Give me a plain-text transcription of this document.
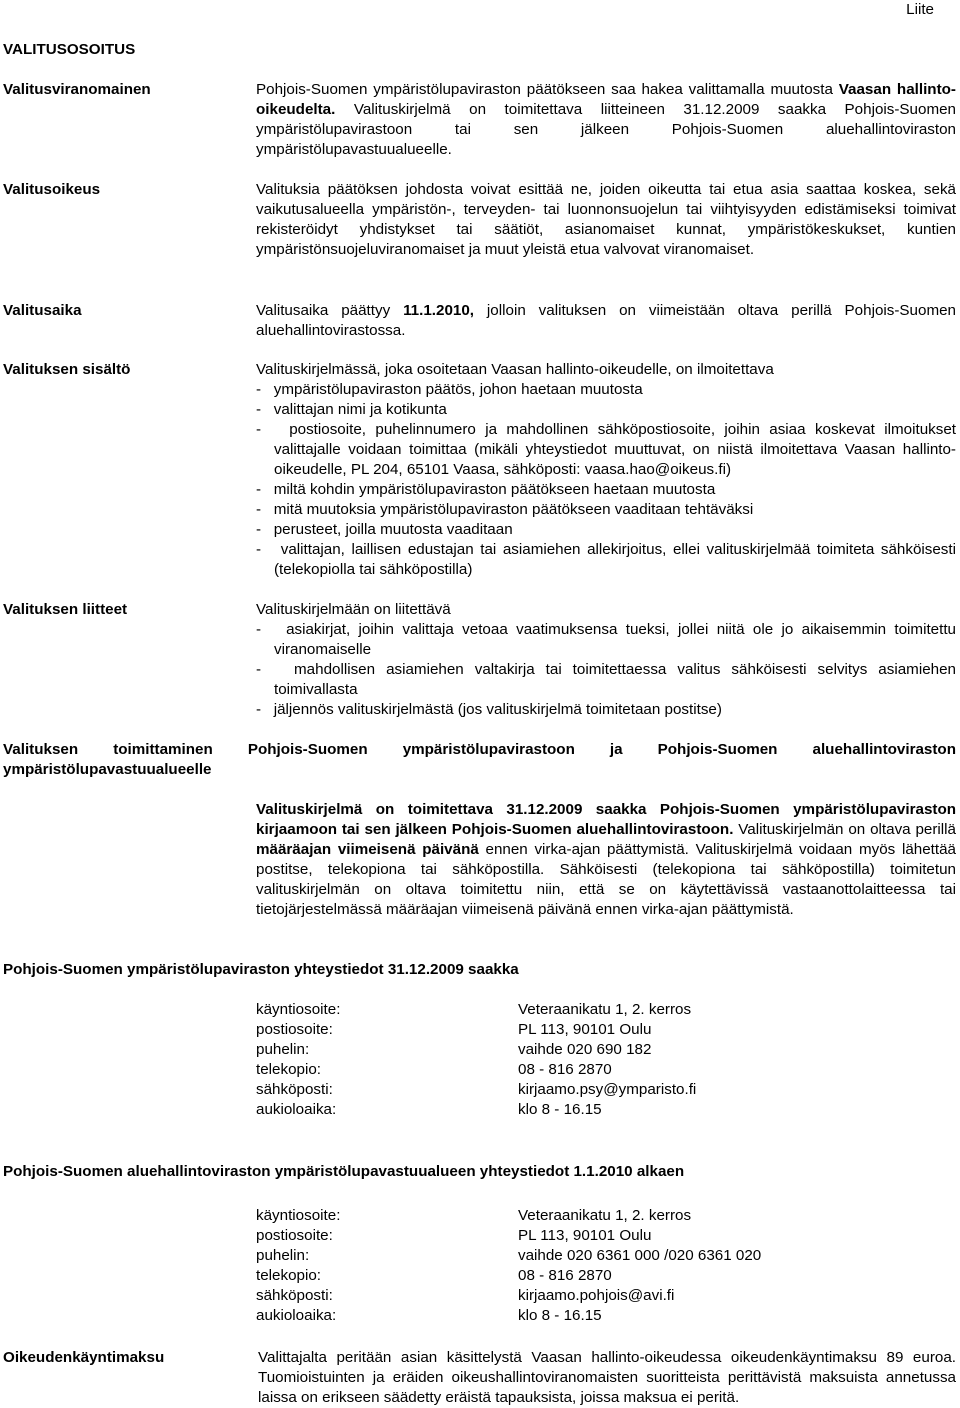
Liite
VALITUSOSOITUS
Valitusviranomainen	Pohjois-Suomen ympäristölupaviraston päätökseen saa hakea valittamalla muutosta Vaasan hallinto-oikeudelta. Valituskirjelmä on toimitettava liitteineen 31.12.2009 saakka Pohjois-Suomen ympäristölupavirastoon tai sen jälkeen Pohjois-Suomen aluehallintoviraston ympäristölupavastuualueelle.
Valitusoikeus	Valituksia päätöksen johdosta voivat esittää ne, joiden oikeutta tai etua asia saattaa koskea, sekä vaikutusalueella ympäristön-, terveyden- tai luonnonsuojelun tai viihtyisyyden edistämiseksi toimivat rekisteröidyt yhdistykset tai säätiöt, asianomaiset kunnat, ympäristökeskukset, kuntien ympäristönsuojeluviranomaiset ja muut yleistä etua valvovat viranomaiset.
Valitusaika	Valitusaika päättyy 11.1.2010, jolloin valituksen on viimeistään oltava perillä Pohjois-Suomen aluehallintovirastossa.
Valituksen sisältö	Valituskirjelmässä, joka osoitetaan Vaasan hallinto-oikeudelle, on ilmoitettava
-   ympäristölupaviraston päätös, johon haetaan muutosta
-   valittajan nimi ja kotikunta
-   postiosoite, puhelinnumero ja mahdollinen sähköpostiosoite, joihin asiaa koskevat ilmoitukset valittajalle voidaan toimittaa (mikäli yhteystiedot muuttuvat, on niistä ilmoitettava Vaasan hallinto-oikeudelle, PL 204, 65101 Vaasa, sähköposti: vaasa.hao@oikeus.fi)
-   miltä kohdin ympäristölupaviraston päätökseen haetaan muutosta
-   mitä muutoksia ympäristölupaviraston päätökseen vaaditaan tehtäväksi
-   perusteet, joilla muutosta vaaditaan
-   valittajan, laillisen edustajan tai asiamiehen allekirjoitus, ellei valituskirjelmää toimiteta sähköisesti (telekopiolla tai sähköpostilla)
Valituksen liitteet	Valituskirjelmään on liitettävä
-   asiakirjat, joihin valittaja vetoaa vaatimuksensa tueksi, jollei niitä ole jo aikaisemmin toimitettu viranomaiselle
-   mahdollisen asiamiehen valtakirja tai toimitettaessa valitus sähköisesti selvitys asiamiehen toimivallasta
-   jäljennös valituskirjelmästä (jos valituskirjelmä toimitetaan postitse)
Valituksen toimittaminen Pohjois-Suomen ympäristölupavirastoon ja Pohjois-Suomen aluehallintoviraston ympäristölupavastuualueelle
Valituskirjelmä on toimitettava 31.12.2009 saakka Pohjois-Suomen ympäristölupaviraston kirjaamoon tai sen jälkeen Pohjois-Suomen aluehallintovirastoon. Valituskirjelmän on oltava perillä määräajan viimeisenä päivänä ennen virka-ajan päättymistä. Valituskirjelmä voidaan myös lähettää postitse, telekopiona tai sähköpostilla. Sähköisesti (telekopiona tai sähköpostilla) toimitetun valituskirjelmän on oltava toimitettu niin, että se on käytettävissä vastaanottolaitteessa tai tietojärjestelmässä määräajan viimeisenä päivänä ennen virka-ajan päättymistä.
Pohjois-Suomen ympäristölupaviraston yhteystiedot 31.12.2009 saakka
käyntiosoite:	Veteraanikatu 1, 2. kerros
postiosoite:	PL 113, 90101 Oulu
puhelin:	vaihde 020 690 182
telekopio:	08 - 816 2870
sähköposti:	kirjaamo.psy@ymparisto.fi
aukioloaika:	klo 8 - 16.15
Pohjois-Suomen aluehallintoviraston ympäristölupavastuualueen yhteystiedot 1.1.2010 alkaen
käyntiosoite:	Veteraanikatu 1, 2. kerros
postiosoite:	PL 113, 90101 Oulu
puhelin:	vaihde 020 6361 000 /020 6361 020
telekopio:	08 - 816 2870
sähköposti:	kirjaamo.pohjois@avi.fi
aukioloaika:	klo 8 - 16.15
Oikeudenkäyntimaksu	Valittajalta peritään asian käsittelystä Vaasan hallinto-oikeudessa oikeudenkäyntimaksu 89 euroa. Tuomioistuinten ja eräiden oikeushallintoviranomaisten suoritteista perittävistä maksuista annetussa laissa on erikseen säädetty eräistä tapauksista, joissa maksua ei peritä.
